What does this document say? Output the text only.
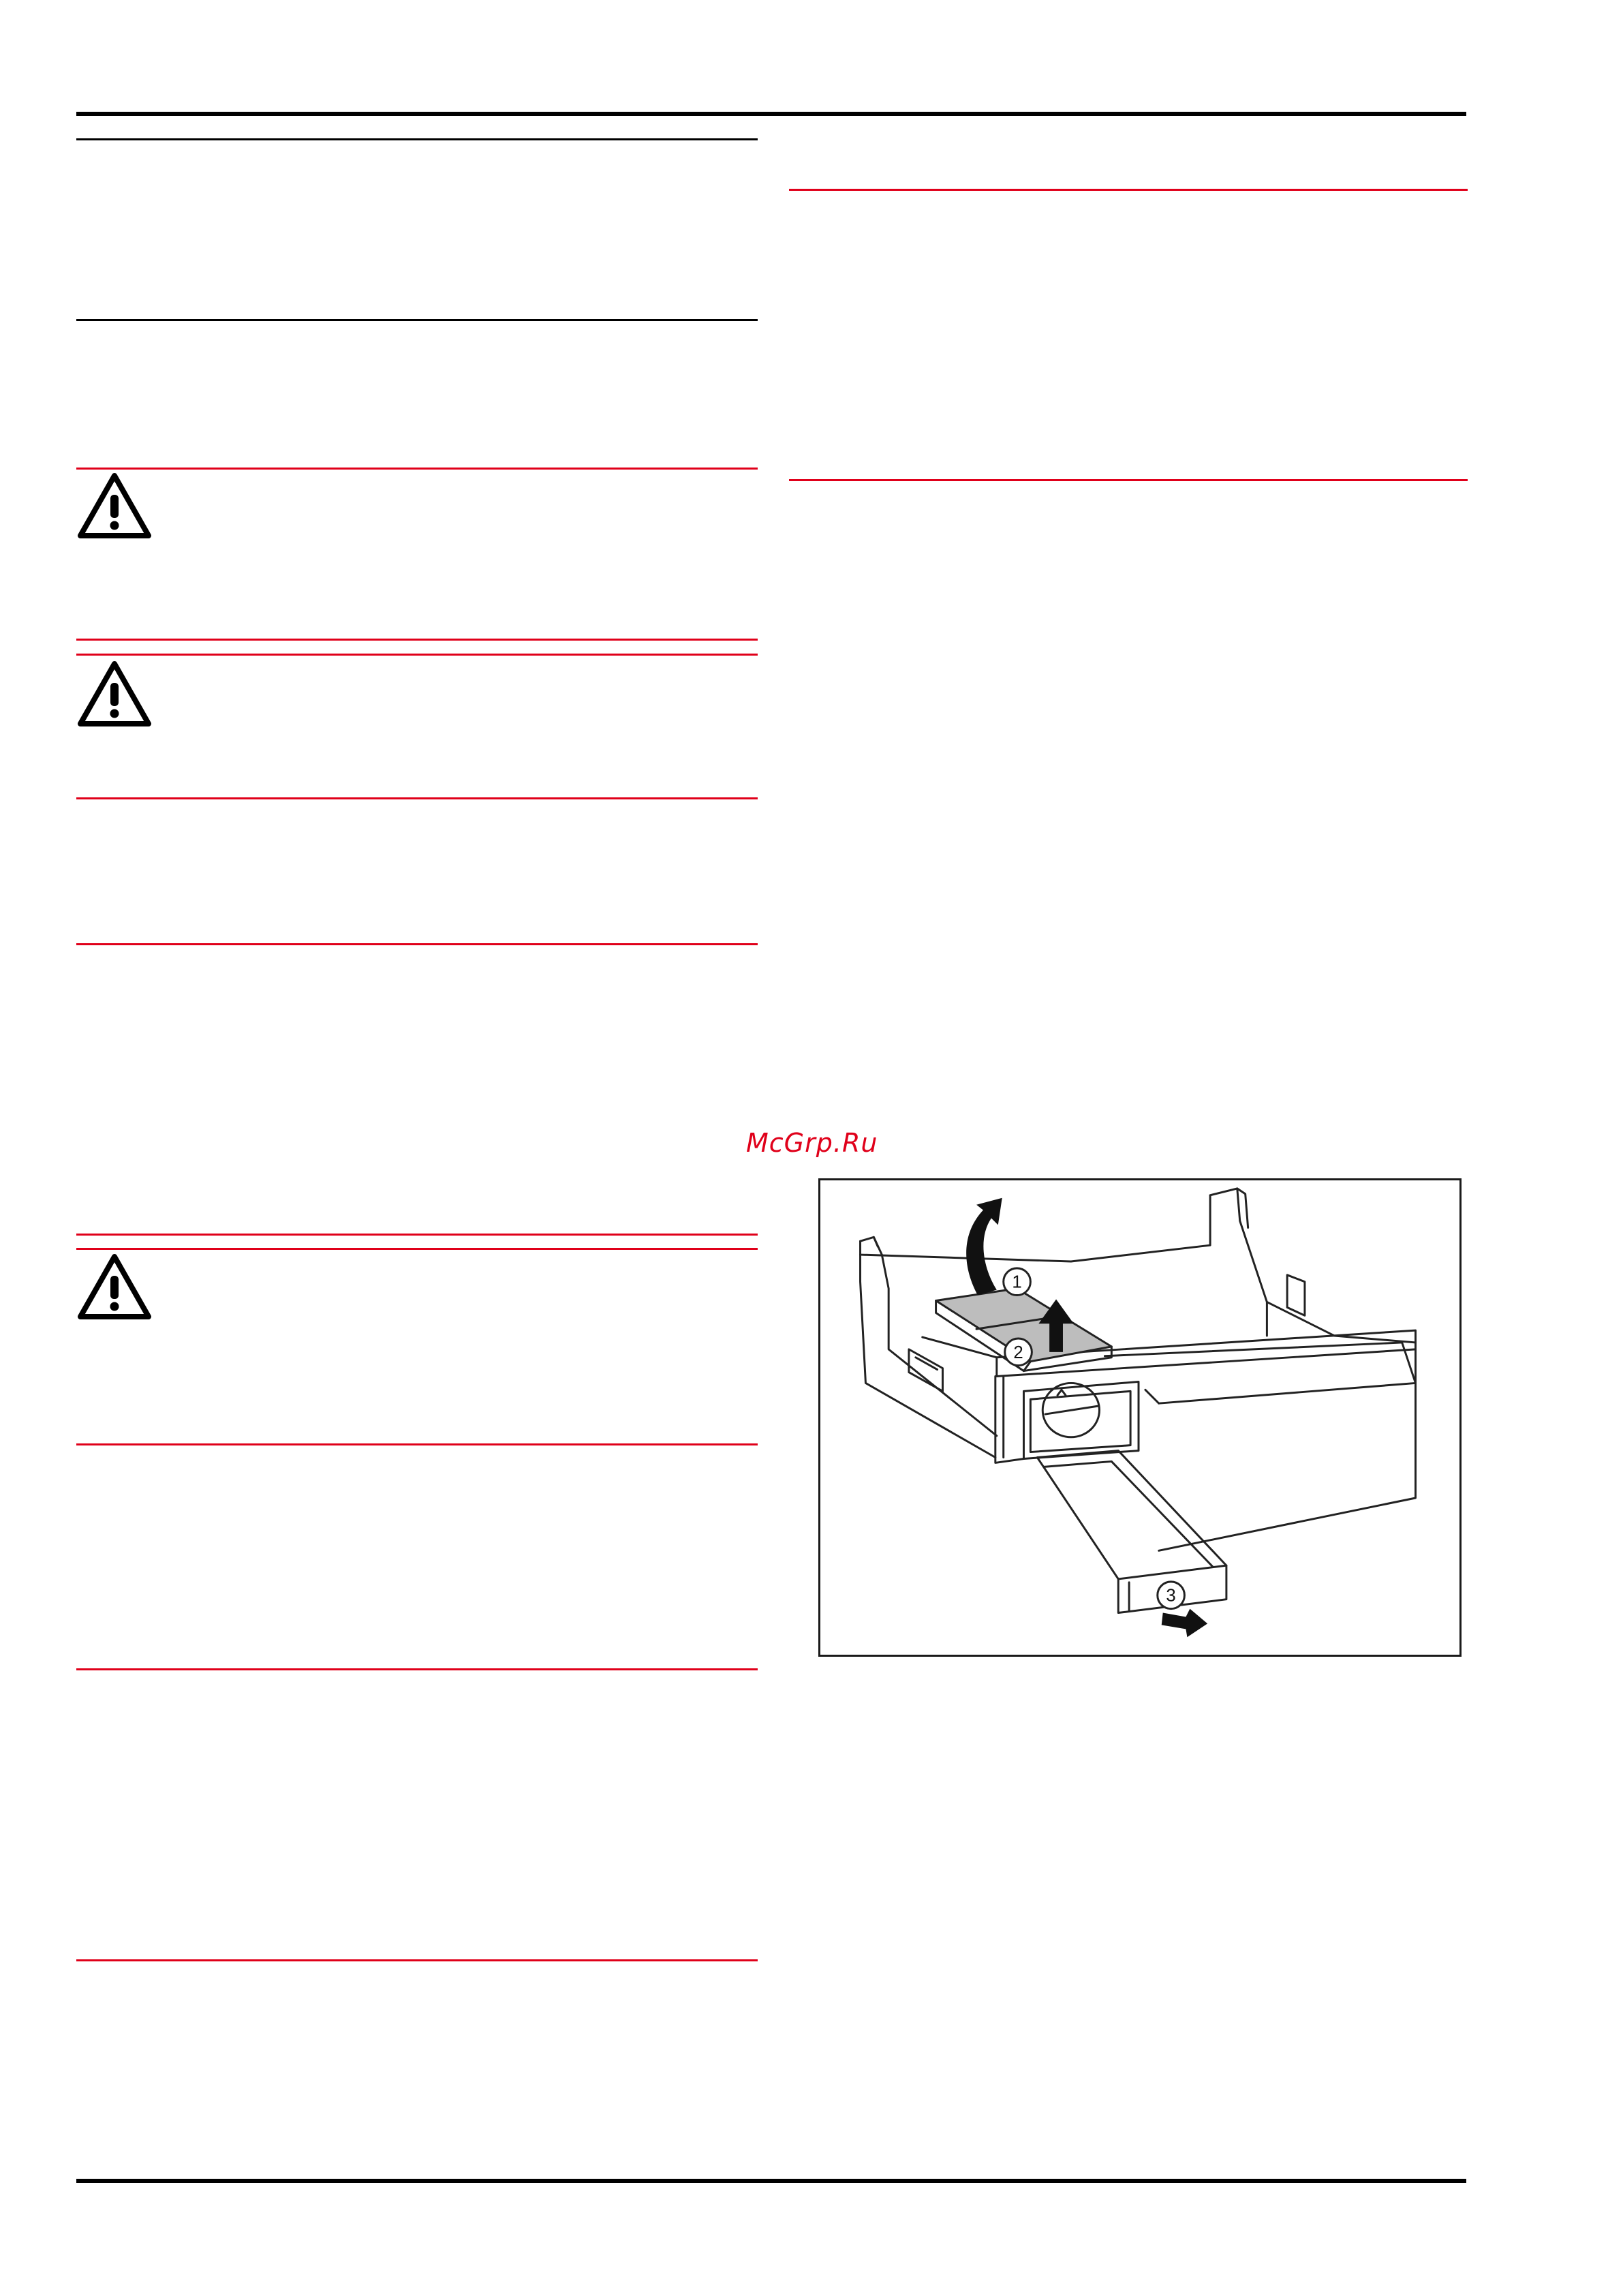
McGrp.Ru
1
2
3
